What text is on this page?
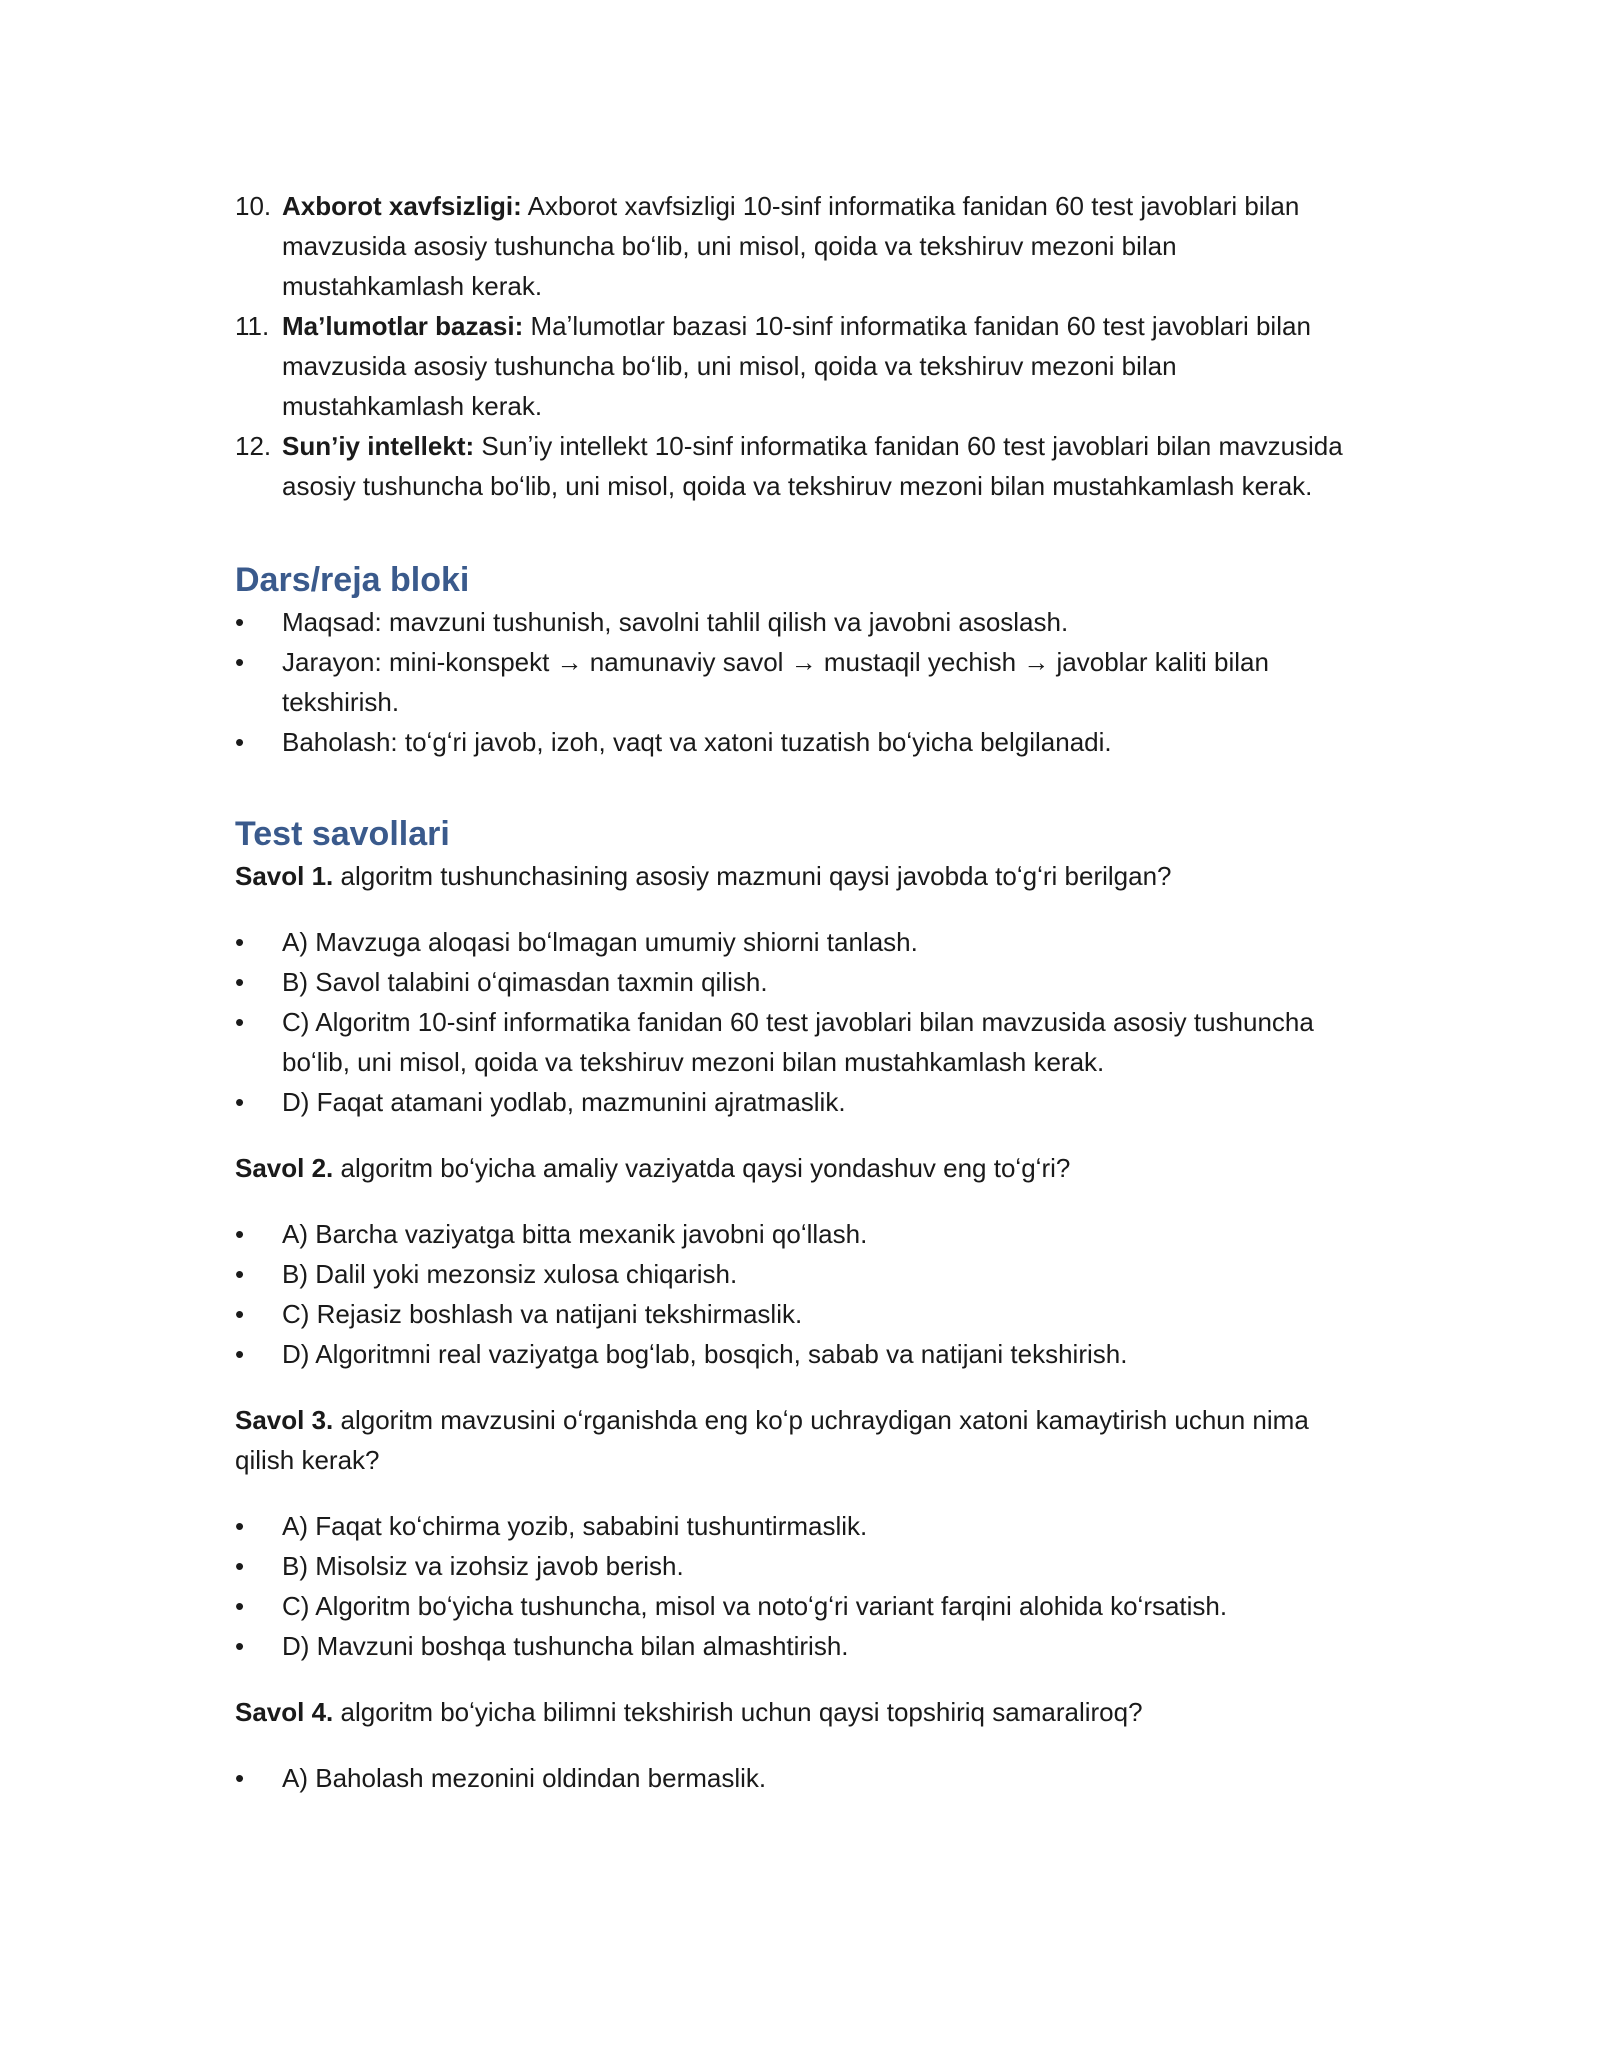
10. Axborot xavfsizligi: Axborot xavfsizligi 10-sinf informatika fanidan 60 test javoblari bilan mavzusida asosiy tushuncha boʻlib, uni misol, qoida va tekshiruv mezoni bilan mustahkamlash kerak.
11. Maʼlumotlar bazasi: Maʼlumotlar bazasi 10-sinf informatika fanidan 60 test javoblari bilan mavzusida asosiy tushuncha boʻlib, uni misol, qoida va tekshiruv mezoni bilan mustahkamlash kerak.
12. Sunʼiy intellekt: Sunʼiy intellekt 10-sinf informatika fanidan 60 test javoblari bilan mavzusida asosiy tushuncha boʻlib, uni misol, qoida va tekshiruv mezoni bilan mustahkamlash kerak.
Dars/reja bloki
•	Maqsad: mavzuni tushunish, savolni tahlil qilish va javobni asoslash.
•	Jarayon: mini-konspekt → namunaviy savol → mustaqil yechish → javoblar kaliti bilan tekshirish.
•	Baholash: toʻgʻri javob, izoh, vaqt va xatoni tuzatish boʻyicha belgilanadi.
Test savollari

Savol 1. algoritm tushunchasining asosiy mazmuni qaysi javobda toʻgʻri berilgan?

•	A) Mavzuga aloqasi boʻlmagan umumiy shiorni tanlash.
•	B) Savol talabini oʻqimasdan taxmin qilish.
•	C) Algoritm 10-sinf informatika fanidan 60 test javoblari bilan mavzusida asosiy tushuncha boʻlib, uni misol, qoida va tekshiruv mezoni bilan mustahkamlash kerak.
•	D) Faqat atamani yodlab, mazmunini ajratmaslik.

Savol 2. algoritm boʻyicha amaliy vaziyatda qaysi yondashuv eng toʻgʻri?

•	A) Barcha vaziyatga bitta mexanik javobni qoʻllash.
•	B) Dalil yoki mezonsiz xulosa chiqarish.
•	C) Rejasiz boshlash va natijani tekshirmaslik.
•	D) Algoritmni real vaziyatga bogʻlab, bosqich, sabab va natijani tekshirish.

Savol 3. algoritm mavzusini oʻrganishda eng koʻp uchraydigan xatoni kamaytirish uchun nima qilish kerak?

•	A) Faqat koʻchirma yozib, sababini tushuntirmaslik.
•	B) Misolsiz va izohsiz javob berish.
•	C) Algoritm boʻyicha tushuncha, misol va notoʻgʻri variant farqini alohida koʻrsatish.
•	D) Mavzuni boshqa tushuncha bilan almashtirish.

Savol 4. algoritm boʻyicha bilimni tekshirish uchun qaysi topshiriq samaraliroq?

•	A) Baholash mezonini oldindan bermaslik.
